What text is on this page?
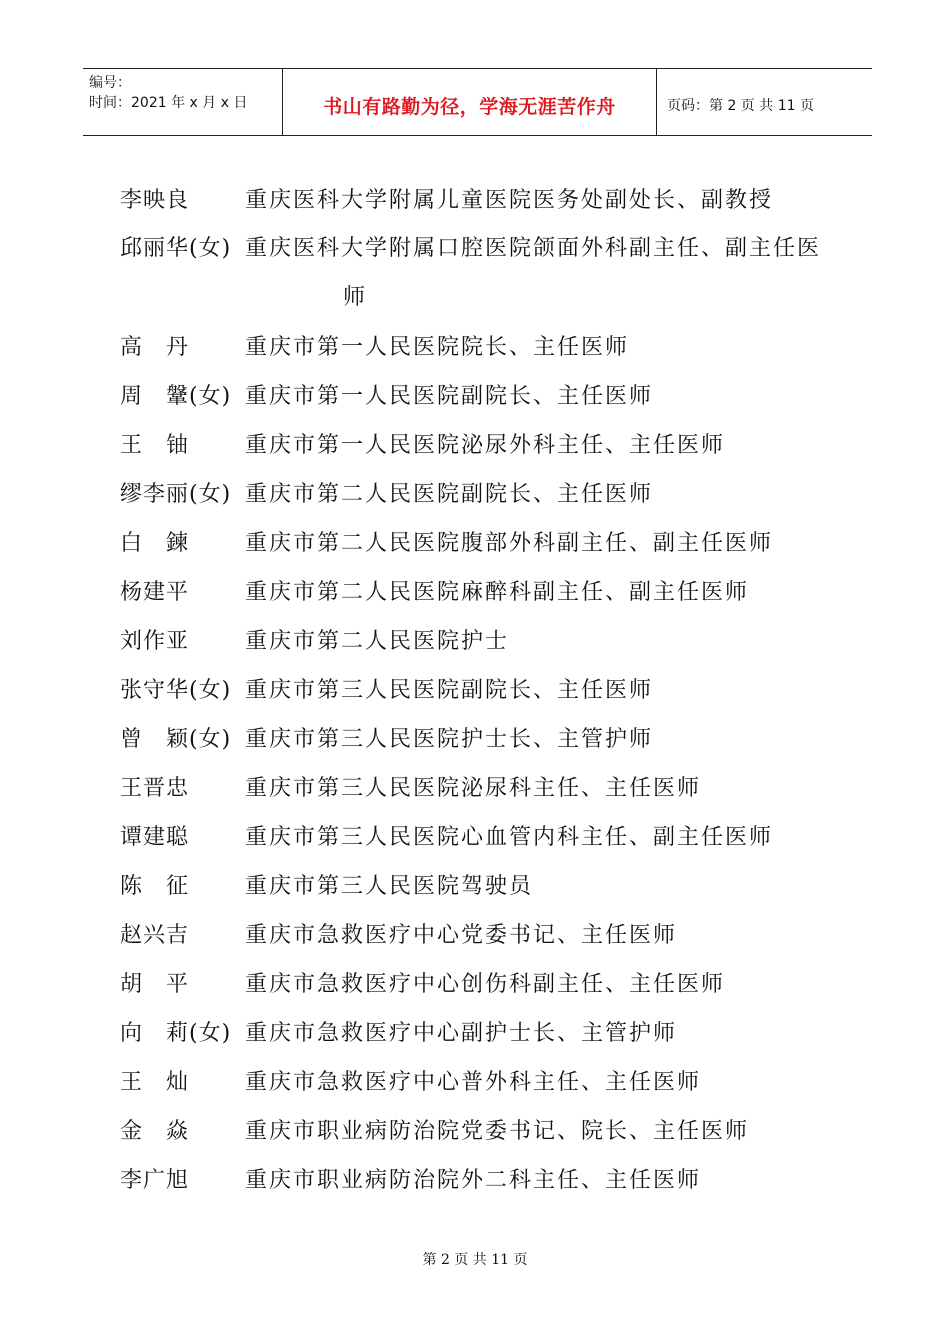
编号：
时间：2021 年 x 月 x 日	书山有路勤为径，学海无涯苦作舟	页码：第 2 页 共 11 页
李映良	重庆医科大学附属儿童医院医务处副处长、副教授
邱丽华(女) 重庆医科大学附属口腔医院颌面外科副主任、副主任医
师
高　丹	重庆市第一人民医院院长、主任医师
周　鞶(女) 重庆市第一人民医院副院长、主任医师
王　铀	重庆市第一人民医院泌尿外科主任、主任医师
缪李丽(女) 重庆市第二人民医院副院长、主任医师
白　鍊	重庆市第二人民医院腹部外科副主任、副主任医师
杨建平	重庆市第二人民医院麻醉科副主任、副主任医师
刘作亚	重庆市第二人民医院护士
张守华(女) 重庆市第三人民医院副院长、主任医师
曾　颖(女) 重庆市第三人民医院护士长、主管护师
王晋忠	重庆市第三人民医院泌尿科主任、主任医师
谭建聪	重庆市第三人民医院心血管内科主任、副主任医师
陈　征	重庆市第三人民医院驾驶员
赵兴吉	重庆市急救医疗中心党委书记、主任医师
胡　平	重庆市急救医疗中心创伤科副主任、主任医师
向　莉(女) 重庆市急救医疗中心副护士长、主管护师
王　灿	重庆市急救医疗中心普外科主任、主任医师
金　焱	重庆市职业病防治院党委书记、院长、主任医师
李广旭	重庆市职业病防治院外二科主任、主任医师
第 2 页 共 11 页
